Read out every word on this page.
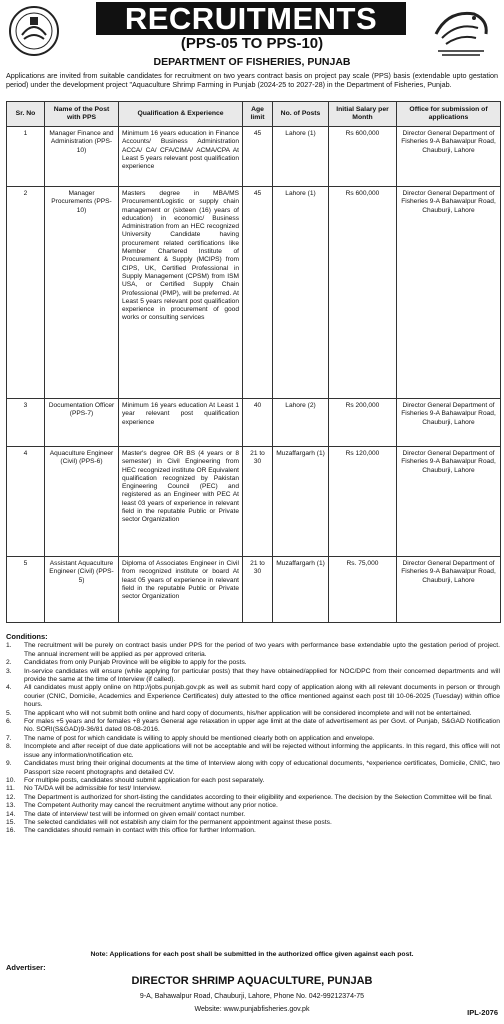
RECRUITMENTS
(PPS-05 TO PPS-10)
DEPARTMENT OF FISHERIES, PUNJAB
Applications are invited from suitable candidates for recruitment on two years contract basis on project pay scale (PPS) basis (extendable upto gestation period) under the development project "Aquaculture Shrimp Farming in Punjab (2024-25 to 2027-28) in the Department of Fisheries, Punjab.
Sr. No	Name of the Post with PPS	Qualification & Experience	Age limit	No. of Posts	Initial Salary per Month	Office for submission of applications
1	Manager Finance and Administration (PPS-10)	Minimum 16 years education in Finance Accounts/ Business Administration ACCA/ CA/ CFA/CIMA/ ACMA/CPA At Least 5 years relevant post qualification experience	45	Lahore (1)	Rs 600,000	Director General Department of Fisheries 9-A Bahawalpur Road, Chauburji, Lahore
2	Manager Procurements (PPS-10)	Masters degree in MBA/MS Procurement/Logistic or supply chain management or (sixteen (16) years of education) in economic/ Business Administration from an HEC recognized University Candidate having procurement related certifications like Member Chartered Institute of Procurement & Supply (MCIPS) from CIPS, UK, Certified Professional in Supply Management (CPSM) from ISM USA, or Certified Supply Chain Professional (PMP), will be preferred. At Least 5 years relevant post qualification experience in procurement of good works or consulting services	45	Lahore (1)	Rs 600,000	Director General Department of Fisheries 9-A Bahawalpur Road, Chauburji, Lahore
3	Documentation Officer (PPS-7)	Minimum 16 years education At Least 1 year relevant post qualification experience	40	Lahore (2)	Rs 200,000	Director General Department of Fisheries 9-A Bahawalpur Road, Chauburji, Lahore
4	Aquaculture Engineer (Civil) (PPS-6)	Master's degree OR BS (4 years or 8 semester) in Civil Engineering from HEC recognized institute OR Equivalent qualification recognized by Pakistan Engineering Council (PEC) and registered as an Engineer with PEC At least 03 years of experience in relevant field in the reputable Public or Private sector Organization	21 to 30	Muzaffargarh (1)	Rs 120,000	Director General Department of Fisheries 9-A Bahawalpur Road, Chauburji, Lahore
5	Assistant Aquaculture Engineer (Civil) (PPS-5)	Diploma of Associates Engineer in Civil from recognized institute or board At least 05 years of experience in relevant field in the reputable Public or Private sector Organization	21 to 30	Muzaffargarh (1)	Rs. 75,000	Director General Department of Fisheries 9-A Bahawalpur Road, Chauburji, Lahore
Conditions:
1.	The recruitment will be purely on contract basis under PPS for the period of two years with performance base extendable upto the gestation period of project. The annual increment will be applied as per approved criteria.
2.	Candidates from only Punjab Province will be eligible to apply for the posts.
3.	In-service candidates will ensure (while applying for particular posts) that they have obtained/applied for NOC/DPC from their concerned departments and will provide the same at the time of Interview (if called).
4.	All candidates must apply online on http://jobs.punjab.gov.pk as well as submit hard copy of application along with all relevant documents in person or through courier (CNIC, Domicile, Academics and Experience Certificates) duly attested to the office mentioned against each post till 10-06-2025 (Tuesday) within office hours.
5.	The applicant who will not submit both online and hard copy of documents, his/her application will be considered incomplete and will not be entertained.
6.	For males +5 years and for females +8 years General age relaxation in upper age limit at the date of advertisement as per Govt. of Punjab, S&GAD Notification No. SORI(S&GAD)9-36/81 dated 08-08-2016.
7.	The name of post for which candidate is willing to apply should be mentioned clearly both on application and envelope.
8.	Incomplete and after receipt of due date applications will not be acceptable and will be rejected without informing the applicants. In this regard, this office will not issue any information/notification etc.
9.	Candidates must bring their original documents at the time of Interview along with copy of educational documents, *experience certificates, Domicile, CNIC, two Passport size recent photographs and detailed CV.
10.	For multiple posts, candidates should submit application for each post separately.
11.	No TA/DA will be admissible for test/ Interview.
12.	The Department is authorized for short-listing the candidates according to their eligibility and experience. The decision by the Selection Committee will be final.
13.	The Competent Authority may cancel the recruitment anytime without any prior notice.
14.	The date of interview/ test will be informed on given email/ contact number.
15.	The selected candidates will not establish any claim for the permanent appointment against these posts.
16.	The candidates should remain in contact with this office for further Information.
Note: Applications for each post shall be submitted in the authorized office given against each post.
Advertiser:
DIRECTOR SHRIMP AQUACULTURE, PUNJAB
9-A, Bahawalpur Road, Chauburji, Lahore, Phone No. 042-99212374-75
Website: www.punjabfisheries.gov.pk	IPL-2076
